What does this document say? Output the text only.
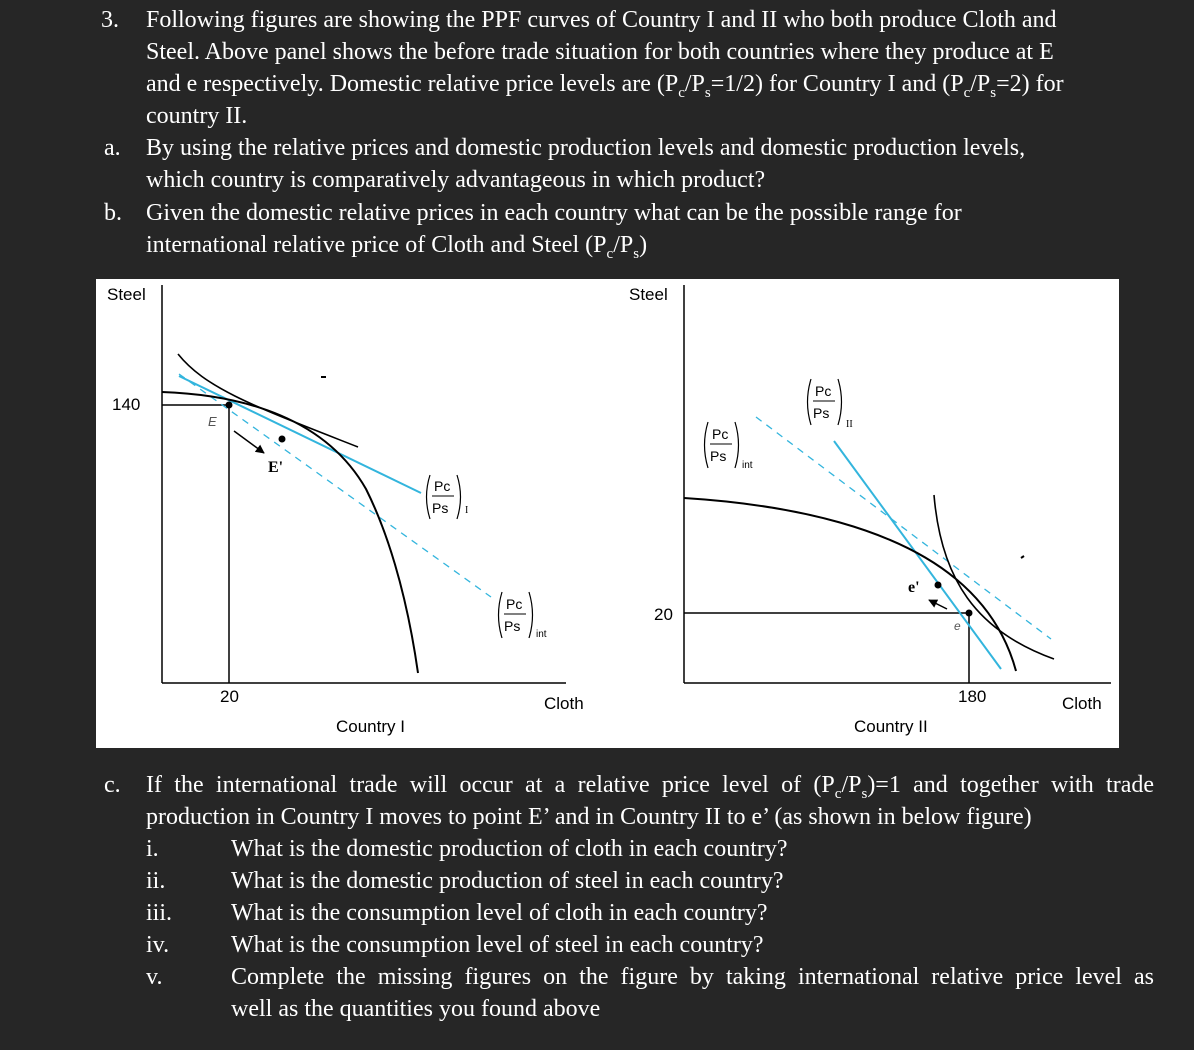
3. Following figures are showing the PPF curves of Country I and II who both produce Cloth and
Steel. Above panel shows the before trade situation for both countries where they produce at E
and e respectively. Domestic relative price levels are $(P_c/P_s=1/2)$ for Country I and $(P_c/P_s=2)$ for
country II.
a. By using the relative prices and domestic production levels and domestic production levels,
which country is comparatively advantageous in which product?
b. Given the domestic relative prices in each country what can be the possible range for
international relative price of Cloth and Steel $(P_c/P_s)$
Steel
140
20	Cloth
Country I
E
E'
Pc
Ps I
Pc
Ps
int
Steel
20
180	Cloth
Country II
e
e'
Pc
Ps
II
Pc
Ps
int
c. If the international trade will occur at a relative price level of $(P_c/P_s)=1$ and together with trade
production in Country I moves to point E’ and in Country II to e’ (as shown in below figure)
i.	What is the domestic production of cloth in each country?
ii.	What is the domestic production of steel in each country?
iii. What is the consumption level of cloth in each country?
iv.	What is the consumption level of steel in each country?
v.	Complete the missing figures on the figure by taking international relative price level as
well as the quantities you found above
